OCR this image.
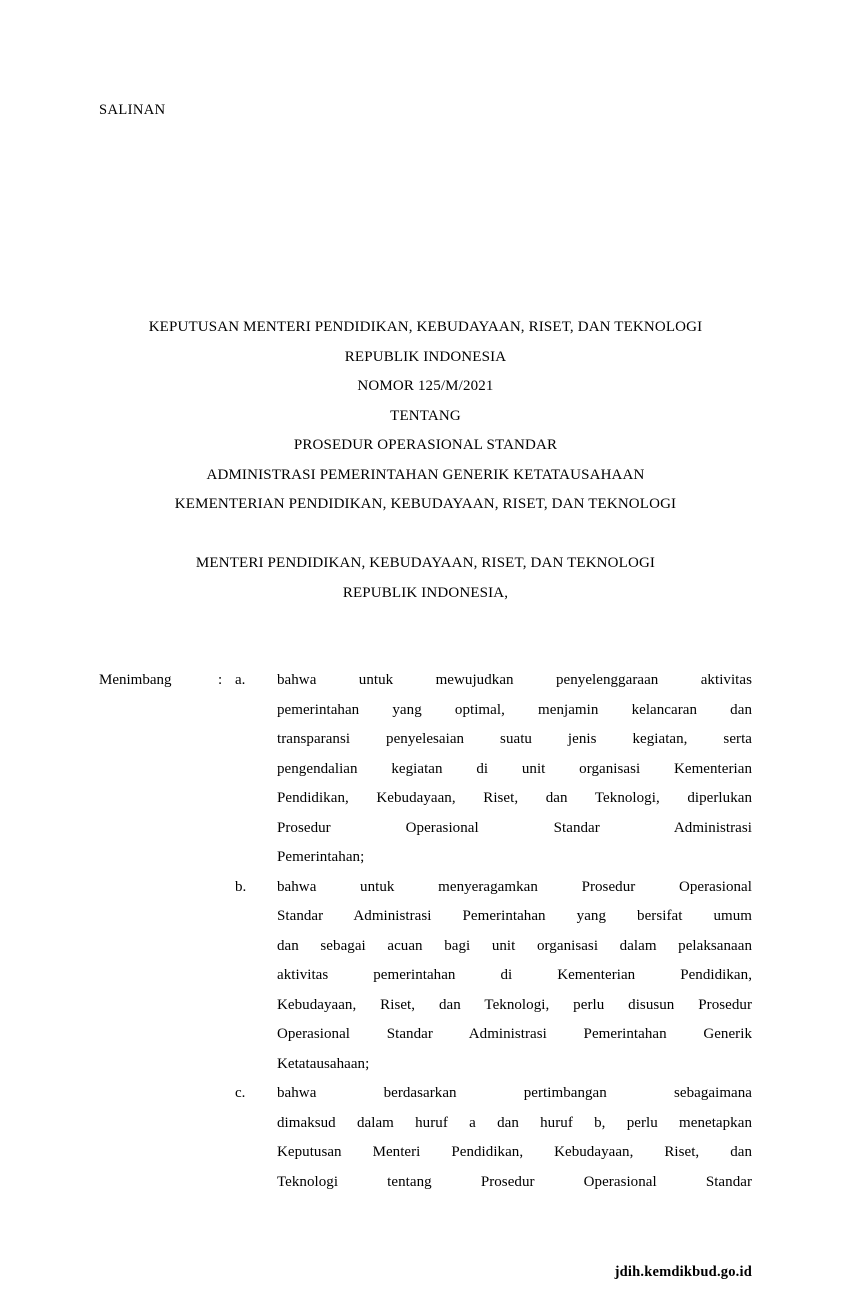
SALINAN
KEPUTUSAN MENTERI PENDIDIKAN, KEBUDAYAAN, RISET, DAN TEKNOLOGI
REPUBLIK INDONESIA
NOMOR 125/M/2021
TENTANG
PROSEDUR OPERASIONAL STANDAR
ADMINISTRASI PEMERINTAHAN GENERIK KETATAUSAHAAN
KEMENTERIAN PENDIDIKAN, KEBUDAYAAN, RISET, DAN TEKNOLOGI
MENTERI PENDIDIKAN, KEBUDAYAAN, RISET, DAN TEKNOLOGI
REPUBLIK INDONESIA,
Menimbang	: a.	bahwa untuk mewujudkan penyelenggaraan aktivitas
pemerintahan yang optimal, menjamin kelancaran dan
transparansi penyelesaian suatu jenis kegiatan, serta
pengendalian kegiatan di unit organisasi Kementerian
Pendidikan, Kebudayaan, Riset, dan Teknologi, diperlukan
Prosedur Operasional Standar Administrasi
Pemerintahan;
b.	bahwa untuk menyeragamkan Prosedur Operasional
Standar Administrasi Pemerintahan yang bersifat umum
dan sebagai acuan bagi unit organisasi dalam pelaksanaan
aktivitas pemerintahan di Kementerian Pendidikan,
Kebudayaan, Riset, dan Teknologi, perlu disusun Prosedur
Operasional Standar Administrasi Pemerintahan Generik
Ketatausahaan;
c.	bahwa berdasarkan pertimbangan sebagaimana
dimaksud dalam huruf a dan huruf b, perlu menetapkan
Keputusan Menteri Pendidikan, Kebudayaan, Riset, dan
Teknologi tentang Prosedur Operasional Standar
jdih.kemdikbud.go.id
